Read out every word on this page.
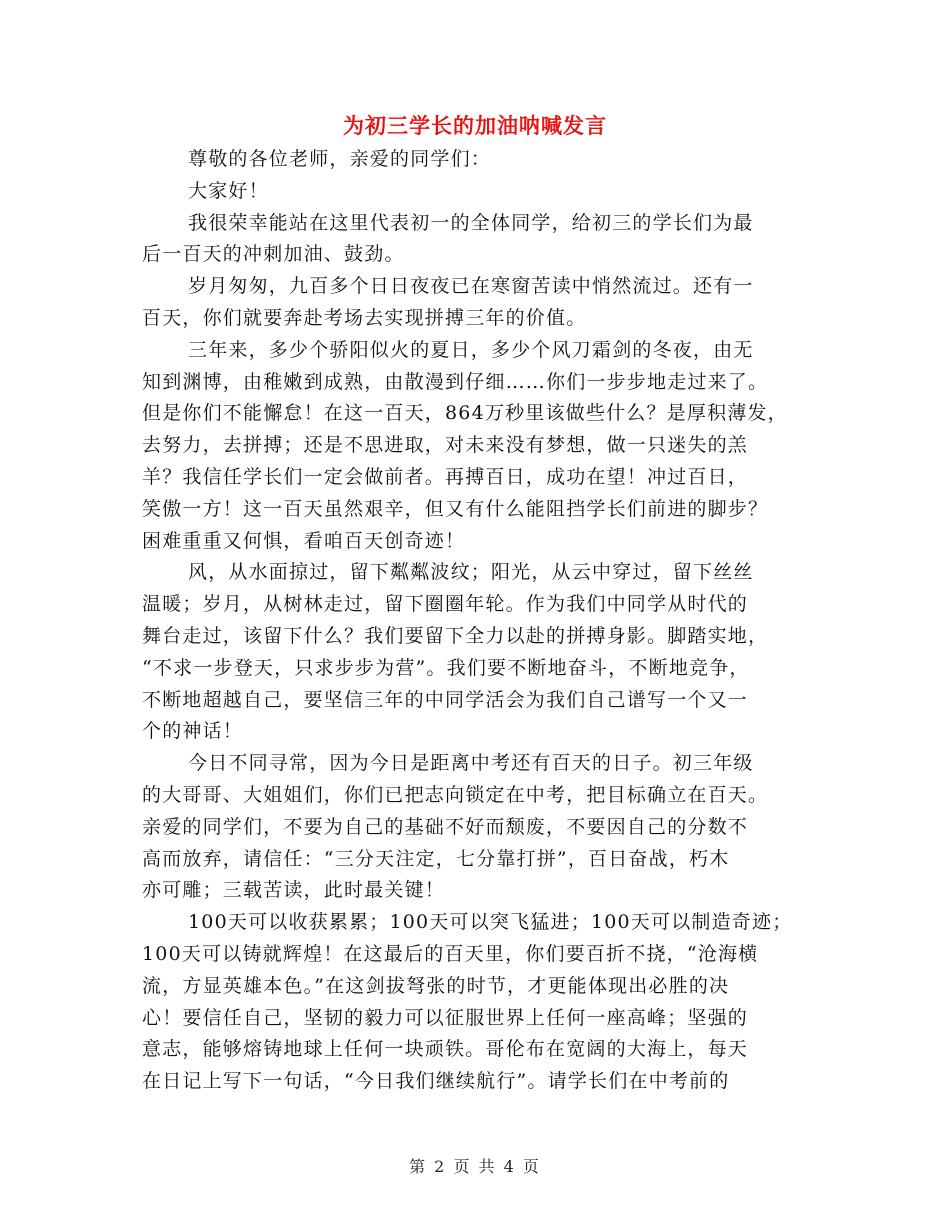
为初三学长的加油呐喊发言
尊敬的各位老师，亲爱的同学们：
大家好！
我很荣幸能站在这里代表初一的全体同学，给初三的学长们为最
后一百天的冲刺加油、鼓劲。
岁月匆匆，九百多个日日夜夜已在寒窗苦读中悄然流过。还有一
百天，你们就要奔赴考场去实现拼搏三年的价值。
三年来，多少个骄阳似火的夏日，多少个风刀霜剑的冬夜，由无
知到渊博，由稚嫩到成熟，由散漫到仔细……你们一步步地走过来了。
但是你们不能懈怠！在这一百天，864万秒里该做些什么？是厚积薄发，
去努力，去拼搏；还是不思进取，对未来没有梦想，做一只迷失的羔
羊？我信任学长们一定会做前者。再搏百日，成功在望！冲过百日，
笑傲一方！这一百天虽然艰辛，但又有什么能阻挡学长们前进的脚步？
困难重重又何惧，看咱百天创奇迹！
风，从水面掠过，留下粼粼波纹；阳光，从云中穿过，留下丝丝
温暖；岁月，从树林走过，留下圈圈年轮。作为我们中同学从时代的
舞台走过，该留下什么？我们要留下全力以赴的拼搏身影。脚踏实地，
“不求一步登天，只求步步为营”。我们要不断地奋斗，不断地竞争，
不断地超越自己，要坚信三年的中同学活会为我们自己谱写一个又一
个的神话！
今日不同寻常，因为今日是距离中考还有百天的日子。初三年级
的大哥哥、大姐姐们，你们已把志向锁定在中考，把目标确立在百天。
亲爱的同学们，不要为自己的基础不好而颓废，不要因自己的分数不
高而放弃，请信任：“三分天注定，七分靠打拼”，百日奋战，朽木
亦可雕；三载苦读，此时最关键！
100天可以收获累累；100天可以突飞猛进；100天可以制造奇迹；
100天可以铸就辉煌！在这最后的百天里，你们要百折不挠，“沧海横
流，方显英雄本色。”在这剑拔弩张的时节，才更能体现出必胜的决
心！要信任自己，坚韧的毅力可以征服世界上任何一座高峰；坚强的
意志，能够熔铸地球上任何一块顽铁。哥伦布在宽阔的大海上，每天
在日记上写下一句话，“今日我们继续航行”。请学长们在中考前的
第 2 页 共 4 页
